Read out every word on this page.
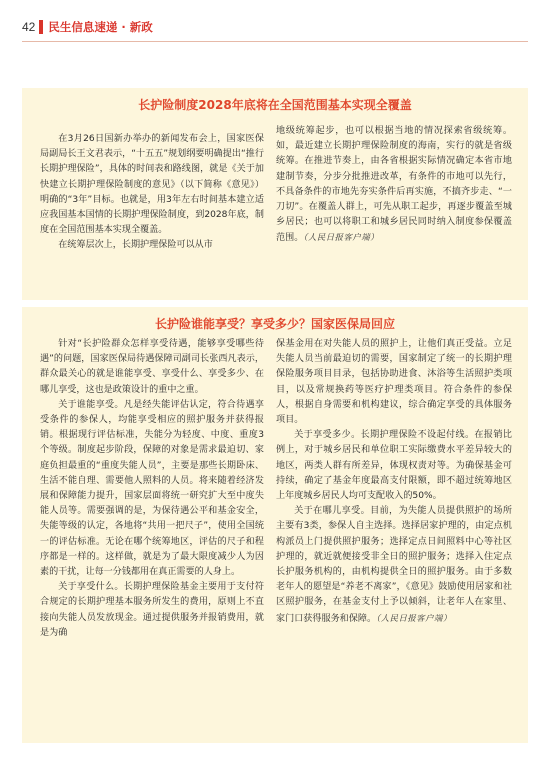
42 民生信息速递 · 新政
长护险制度2028年底将在全国范围基本实现全覆盖

在3月26日国新办举办的新闻发布会上，国家医保局副局长王文君表示，“十五五”规划纲要明确提出“推行长期护理保险”，具体的时间表和路线图，就是《关于加快建立长期护理保险制度的意见》（以下简称《意见》）明确的“3年”目标。也就是，用3年左右时间基本建立适应我国基本国情的长期护理保险制度，到2028年底，制度在全国范围基本实现全覆盖。

在统筹层次上，长期护理保险可以从市

地级统筹起步，也可以根据当地的情况探索省级统筹。如，最近建立长期护理保险制度的海南，实行的就是省级统筹。在推进节奏上，由各省根据实际情况确定本省市地建制节奏，分步分批推进改革，有条件的市地可以先行，不具备条件的市地先夯实条件后再实施，不搞齐步走、“一刀切”。在覆盖人群上，可先从职工起步，再逐步覆盖至城乡居民；也可以将职工和城乡居民同时纳入制度参保覆盖范围。（人民日报客户端）

长护险谁能享受？享受多少？国家医保局回应

针对“长护险群众怎样享受待遇，能够享受哪些待遇”的问题，国家医保局待遇保障司副司长张西凡表示，群众最关心的就是谁能享受、享受什么、享受多少、在哪儿享受，这也是政策设计的重中之重。

关于谁能享受。凡是经失能评估认定，符合待遇享受条件的参保人，均能享受相应的照护服务并获得报销。根据现行评估标准，失能分为轻度、中度、重度3个等级。制度起步阶段，保障的对象是需求最迫切、家庭负担最重的“重度失能人员”，主要是那些长期卧床、生活不能自理、需要他人照料的人员。将来随着经济发展和保障能力提升，国家层面将统一研究扩大至中度失能人员等。需要强调的是，为保待遇公平和基金安全，失能等级的认定，各地将“共用一把尺子”，使用全国统一的评估标准。无论在哪个统筹地区，评估的尺子和程序都是一样的。这样做，就是为了最大限度减少人为因素的干扰，让每一分钱都用在真正需要的人身上。

关于享受什么。长期护理保险基金主要用于支付符合规定的长期护理基本服务所发生的费用，原则上不直接向失能人员发放现金。通过提供服务并报销费用，就是为确

保基金用在对失能人员的照护上，让他们真正受益。立足失能人员当前最迫切的需要，国家制定了统一的长期护理保险服务项目目录，包括协助进食、沐浴等生活照护类项目，以及常规换药等医疗护理类项目。符合条件的参保人，根据自身需要和机构建议，综合确定享受的具体服务项目。

关于享受多少。长期护理保险不设起付线。在报销比例上，对于城乡居民和单位职工实际缴费水平差异较大的地区，两类人群有所差异，体现权责对等。为确保基金可持续，确定了基金年度最高支付限额，即不超过统筹地区上年度城乡居民人均可支配收入的50%。

关于在哪儿享受。目前，为失能人员提供照护的场所主要有3类，参保人自主选择。选择居家护理的，由定点机构派员上门提供照护服务；选择定点日间照料中心等社区护理的，就近就便接受非全日的照护服务；选择入住定点长护服务机构的，由机构提供全日的照护服务。由于多数老年人的愿望是“养老不离家”，《意见》鼓励使用居家和社区照护服务，在基金支付上予以倾斜，让老年人在家里、家门口获得服务和保障。（人民日报客户端）
